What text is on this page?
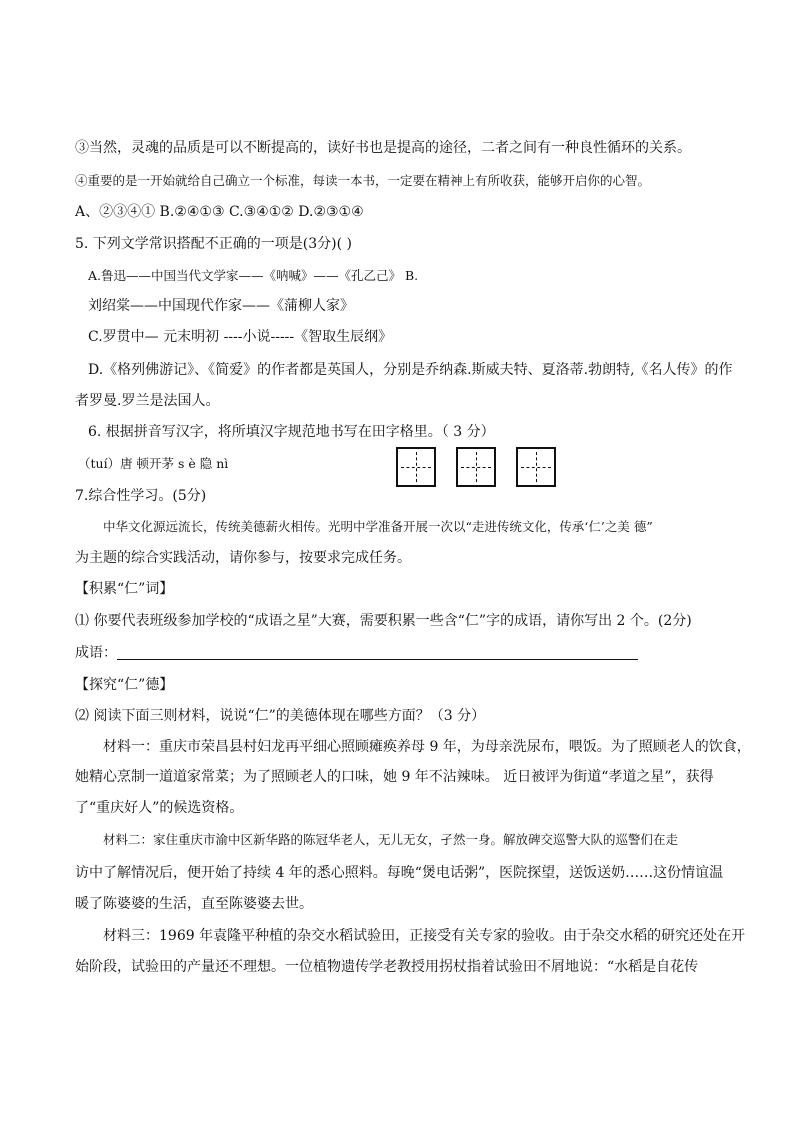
③当然，灵魂的品质是可以不断提高的，读好书也是提高的途径，二者之间有一种良性循环的关系。
④重要的是一开始就给自己确立一个标准，每读一本书，一定要在精神上有所收获，能够开启你的心智。
A、②③④① B.②④①③ C.③④①② D.②③①④
5. 下列文学常识搭配不正确的一项是(3分)( )
A.鲁迅——中国当代文学家——《呐喊》——《孔乙己》 B.
刘绍棠——中国现代作家——《蒲柳人家》
C.罗贯中— 元末明初 ----小说-----《智取生辰纲》
D.《格列佛游记》、《简爱》的作者都是英国人，分别是乔纳森.斯威夫特、夏洛蒂.勃朗特,《名人传》的作
者罗曼.罗兰是法国人。
6. 根据拼音写汉字，将所填汉字规范地书写在田字格里。（ 3 分）
（tuí）唐 顿开茅 s è 隐 nì
7.综合性学习。(5分)
中华文化源远流长，传统美德薪火相传。光明中学准备开展一次以“走进传统文化，传承‘仁’之美 德”
为主题的综合实践活动，请你参与，按要求完成任务。
【积累“仁”词】
⑴ 你要代表班级参加学校的“成语之星”大赛，需要积累一些含“仁”字的成语，请你写出 2 个。(2分)
成语：
【探究“仁”德】
⑵ 阅读下面三则材料，说说“仁”的美德体现在哪些方面？（3 分）
材料一：重庆市荣昌县村妇龙再平细心照顾瘫痪养母 9 年，为母亲洗尿布，喂饭。为了照顾老人的饮食，
她精心烹制一道道家常菜；为了照顾老人的口味，她 9 年不沾辣味。 近日被评为街道“孝道之星”，获得
了“重庆好人”的候选资格。
材料二：家住重庆市渝中区新华路的陈冠华老人，无儿无女，孑然一身。解放碑交巡警大队的巡警们在走
访中了解情况后，便开始了持续 4 年的悉心照料。每晚“煲电话粥”，医院探望，送饭送奶……这份情谊温
暖了陈婆婆的生活，直至陈婆婆去世。
材料三：1969 年袁隆平种植的杂交水稻试验田，正接受有关专家的验收。由于杂交水稻的研究还处在开
始阶段，试验田的产量还不理想。一位植物遗传学老教授用拐杖指着试验田不屑地说：“水稻是自花传
